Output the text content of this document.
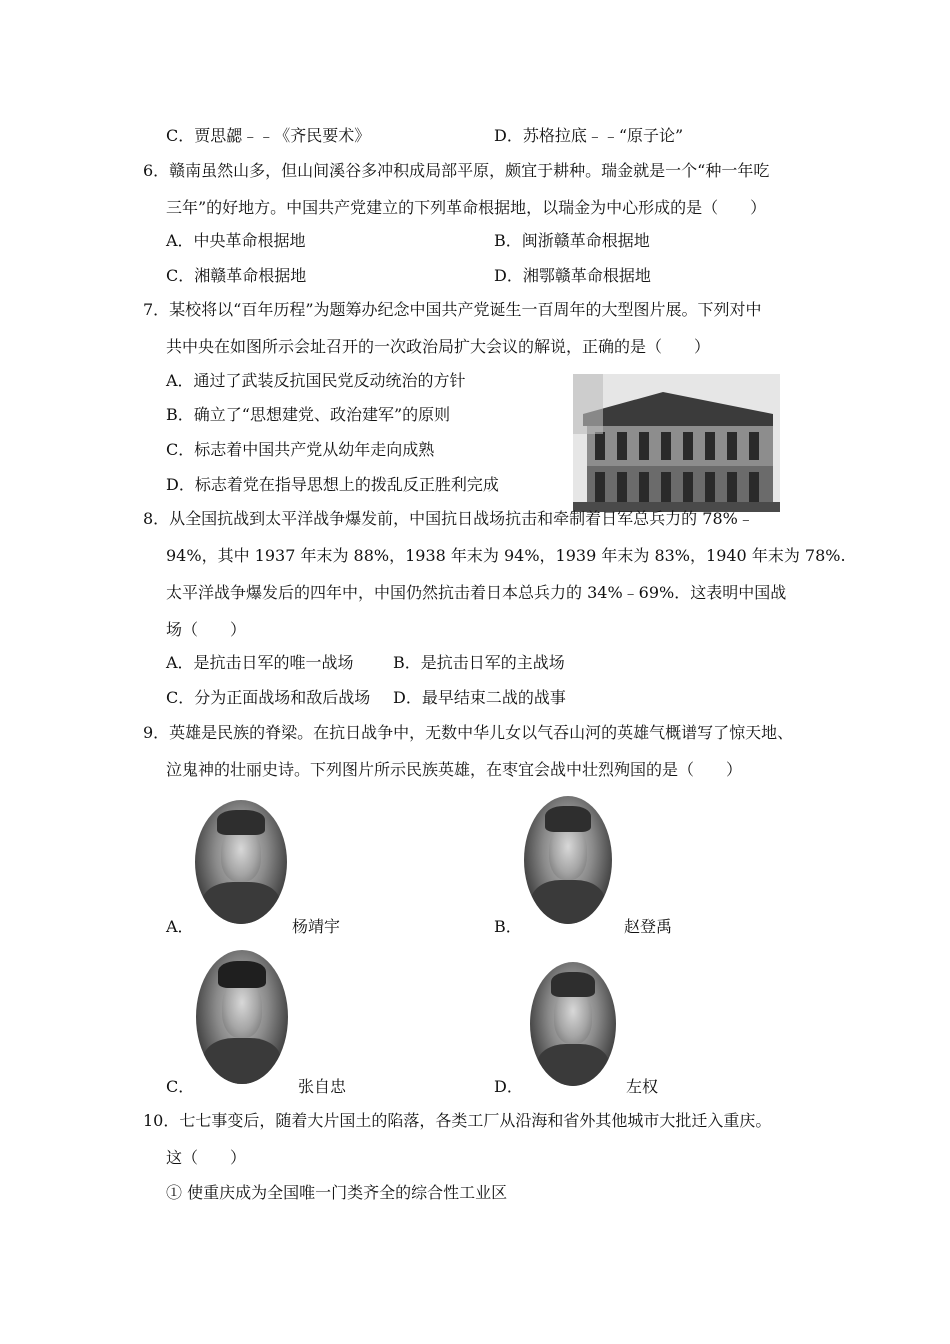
C．贾思勰﹣﹣《齐民要术》	D．苏格拉底﹣﹣“原子论”
6．赣南虽然山多，但山间溪谷多冲积成局部平原，颇宜于耕种。瑞金就是一个“种一年吃
三年”的好地方。中国共产党建立的下列革命根据地，以瑞金为中心形成的是（　　）
A．中央革命根据地	B．闽浙赣革命根据地
C．湘赣革命根据地	D．湘鄂赣革命根据地
7．某校将以“百年历程”为题筹办纪念中国共产党诞生一百周年的大型图片展。下列对中
共中央在如图所示会址召开的一次政治局扩大会议的解说，正确的是（　　）
A．通过了武装反抗国民党反动统治的方针
B．确立了“思想建党、政治建军”的原则
C．标志着中国共产党从幼年走向成熟
D．标志着党在指导思想上的拨乱反正胜利完成
8．从全国抗战到太平洋战争爆发前，中国抗日战场抗击和牵制着日军总兵力的 78%﹣
94%，其中 1937 年末为 88%，1938 年末为 94%，1939 年末为 83%，1940 年末为 78%.
太平洋战争爆发后的四年中，中国仍然抗击着日本总兵力的 34%﹣69%．这表明中国战
场（　　）
A．是抗击日军的唯一战场 B．是抗击日军的主战场
C．分为正面战场和敌后战场 D．最早结束二战的战事
9．英雄是民族的脊梁。在抗日战争中，无数中华儿女以气吞山河的英雄气概谱写了惊天地、
泣鬼神的壮丽史诗。下列图片所示民族英雄，在枣宜会战中壮烈殉国的是（　　）
A．	杨靖宇	B．	赵登禹
C．	张自忠	D．	左权
10．七七事变后，随着大片国土的陷落，各类工厂从沿海和省外其他城市大批迁入重庆。
这（　　）
① 使重庆成为全国唯一门类齐全的综合性工业区
